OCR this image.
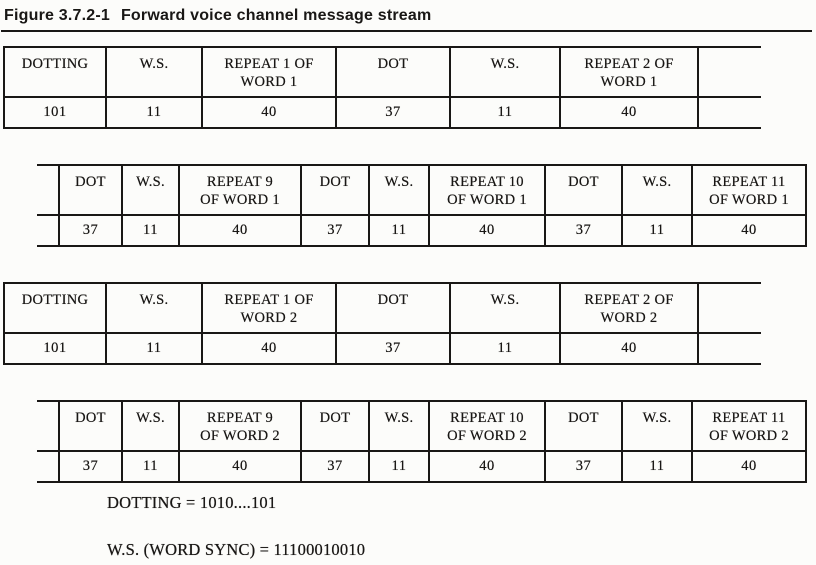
Figure 3.7.2-1 Forward voice channel message stream
DOTTING
101
W.S.
11
REPEAT 1 OF
WORD 1
40
DOT
37
W.S.
11
REPEAT 2 OF
WORD 1
40
DOT
37
W.S.
11
REPEAT 9
OF WORD 1
40
DOT
37
W.S.
11
REPEAT 10
OF WORD 1
40
DOT
37
W.S.
11
REPEAT 11
OF WORD 1
40
DOTTING
101
W.S.
11
REPEAT 1 OF
WORD 2
40
DOT
37
W.S.
11
REPEAT 2 OF
WORD 2
40
DOT
37
W.S.
11
REPEAT 9
OF WORD 2
40
DOT
37
W.S.
11
REPEAT 10
OF WORD 2
40
DOT
37
W.S.
11
REPEAT 11
OF WORD 2
40

DOTTING = 1010....101

W.S. (WORD SYNC) = 11100010010
